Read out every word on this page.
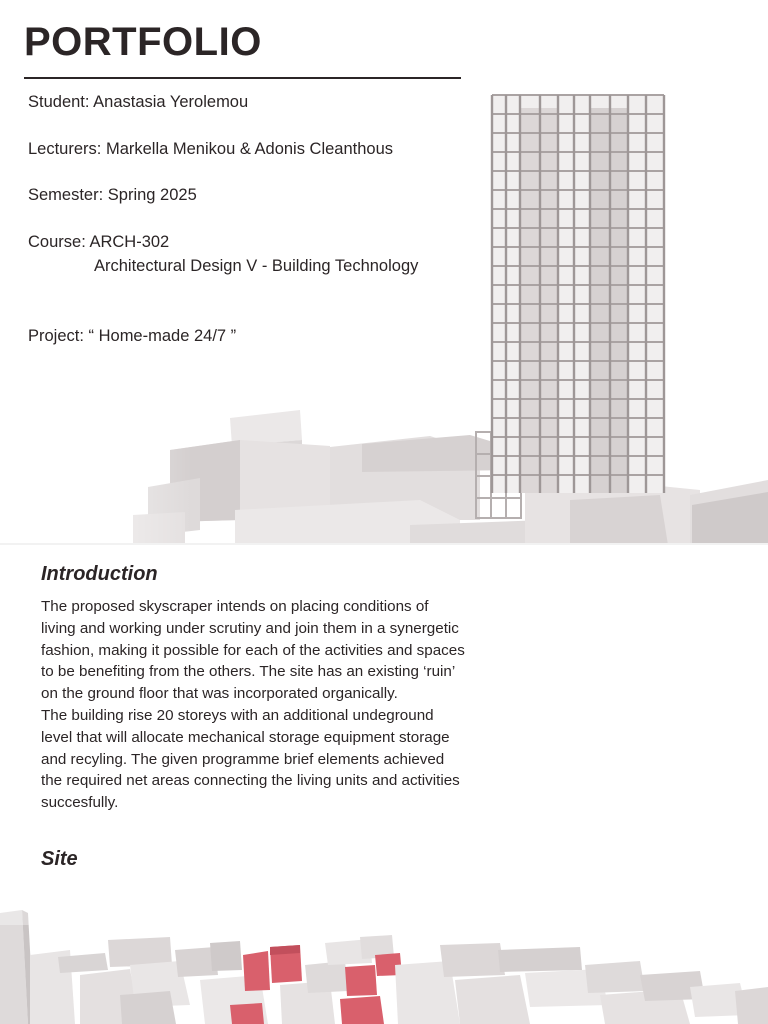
PORTFOLIO
Student: Anastasia Yerolemou
Lecturers: Markella Menikou & Adonis Cleanthous
Semester: Spring 2025
Course: ARCH-302
Architectural Design V - Building Technology
Project: “ Home-made 24/7 ”
Introduction

The proposed skyscraper intends on placing conditions of
living and working under scrutiny and join them in a synergetic
fashion, making it possible for each of the activities and spaces
to be benefiting from the others. The site has an existing ‘ruin’
on the ground floor that was incorporated organically.
The building rise 20 storeys with an additional undeground
level that will allocate mechanical storage equipment storage
and recyling. The given programme brief elements achieved
the required net areas connecting the living units and activities
succesfully.

Site
